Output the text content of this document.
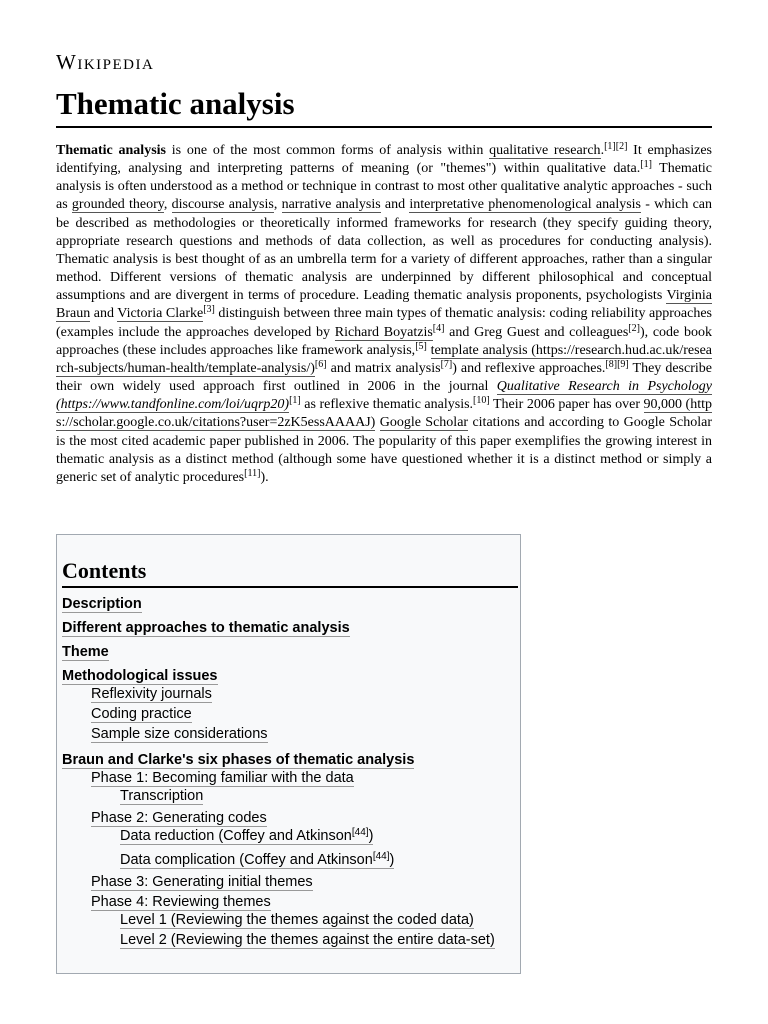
Wikipedia
Thematic analysis

Thematic analysis is one of the most common forms of analysis within qualitative research.[1][2] It emphasizes identifying, analysing and interpreting patterns of meaning (or "themes") within qualitative data.[1] Thematic analysis is often understood as a method or technique in contrast to most other qualitative analytic approaches - such as grounded theory, discourse analysis, narrative analysis and interpretative phenomenological analysis - which can be described as methodologies or theoretically informed frameworks for research (they specify guiding theory, appropriate research questions and methods of data collection, as well as procedures for conducting analysis). Thematic analysis is best thought of as an umbrella term for a variety of different approaches, rather than a singular method. Different versions of thematic analysis are underpinned by different philosophical and conceptual assumptions and are divergent in terms of procedure. Leading thematic analysis proponents, psychologists Virginia Braun and Victoria Clarke[3] distinguish between three main types of thematic analysis: coding reliability approaches (examples include the approaches developed by Richard Boyatzis[4] and Greg Guest and colleagues[2]), code book approaches (these includes approaches like framework analysis,[5] template analysis (https://research.hud.ac.uk/research-subjects/human-health/template-analysis/)[6] and matrix analysis[7]) and reflexive approaches.[8][9] They describe their own widely used approach first outlined in 2006 in the journal Qualitative Research in Psychology (https://www.tandfonline.com/loi/uqrp20)[1] as reflexive thematic analysis.[10] Their 2006 paper has over 90,000 (https://scholar.google.co.uk/citations?user=2zK5essAAAAJ) Google Scholar citations and according to Google Scholar is the most cited academic paper published in 2006. The popularity of this paper exemplifies the growing interest in thematic analysis as a distinct method (although some have questioned whether it is a distinct method or simply a generic set of analytic procedures[11]).

Contents
Description
Different approaches to thematic analysis
Theme
Methodological issues
Reflexivity journals
Coding practice
Sample size considerations
Braun and Clarke's six phases of thematic analysis
Phase 1: Becoming familiar with the data
Transcription
Phase 2: Generating codes
Data reduction (Coffey and Atkinson[44])
Data complication (Coffey and Atkinson[44])
Phase 3: Generating initial themes
Phase 4: Reviewing themes
Level 1 (Reviewing the themes against the coded data)
Level 2 (Reviewing the themes against the entire data-set)
